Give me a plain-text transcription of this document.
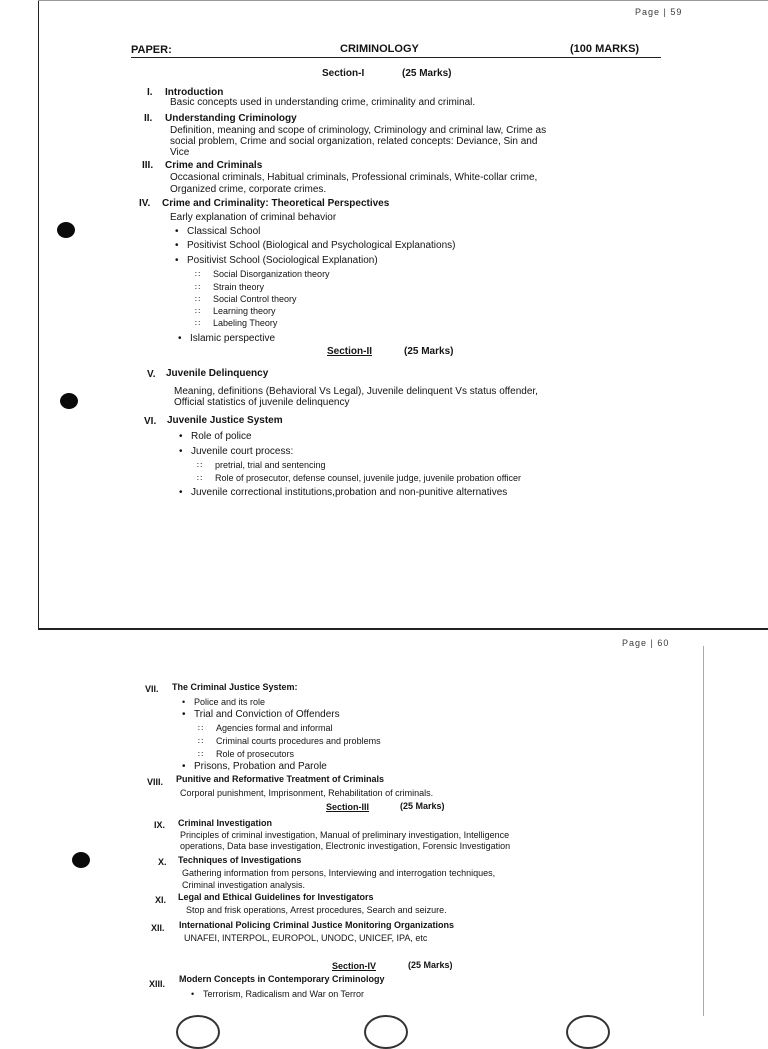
Page | 59
PAPER:	CRIMINOLOGY	(100 MARKS)
Section-I	(25 Marks)
I. Introduction
Basic concepts used in understanding crime, criminality and criminal.
II. Understanding Criminology
Definition, meaning and scope of criminology, Criminology and criminal law, Crime as
social problem, Crime and social organization, related concepts: Deviance, Sin and
Vice
III. Crime and Criminals
Occasional criminals, Habitual criminals, Professional criminals, White-collar crime,
Organized crime, corporate crimes.
IV. Crime and Criminality: Theoretical Perspectives
Early explanation of criminal behavior
• Classical School
• Positivist School (Biological and Psychological Explanations)
• Positivist School (Sociological Explanation)
∷ Social Disorganization theory
∷ Strain theory
∷ Social Control theory
∷ Learning theory
∷ Labeling Theory
• Islamic perspective
Section-II	(25 Marks)
V. Juvenile Delinquency
Meaning, definitions (Behavioral Vs Legal), Juvenile delinquent Vs status offender,
Official statistics of juvenile delinquency
VI. Juvenile Justice System
• Role of police
• Juvenile court process:
∷ pretrial, trial and sentencing
∷ Role of prosecutor, defense counsel, juvenile judge, juvenile probation officer
• Juvenile correctional institutions,probation and non-punitive alternatives
Page | 60
VII. The Criminal Justice System:
• Police and its role
• Trial and Conviction of Offenders
∷ Agencies formal and informal
∷ Criminal courts procedures and problems
∷ Role of prosecutors
• Prisons, Probation and Parole
VIII. Punitive and Reformative Treatment of Criminals
Corporal punishment, Imprisonment, Rehabilitation of criminals.
Section-III	(25 Marks)
IX. Criminal Investigation
Principles of criminal investigation, Manual of preliminary investigation, Intelligence
operations, Data base investigation, Electronic investigation, Forensic Investigation
X. Techniques of Investigations
Gathering information from persons, Interviewing and interrogation techniques,
Criminal investigation analysis.
XI. Legal and Ethical Guidelines for Investigators
Stop and frisk operations, Arrest procedures, Search and seizure.
XII. International Policing Criminal Justice Monitoring Organizations
UNAFEI, INTERPOL, EUROPOL, UNODC, UNICEF, IPA, etc
Section-IV	(25 Marks)
XIII. Modern Concepts in Contemporary Criminology
• Terrorism, Radicalism and War on Terror
